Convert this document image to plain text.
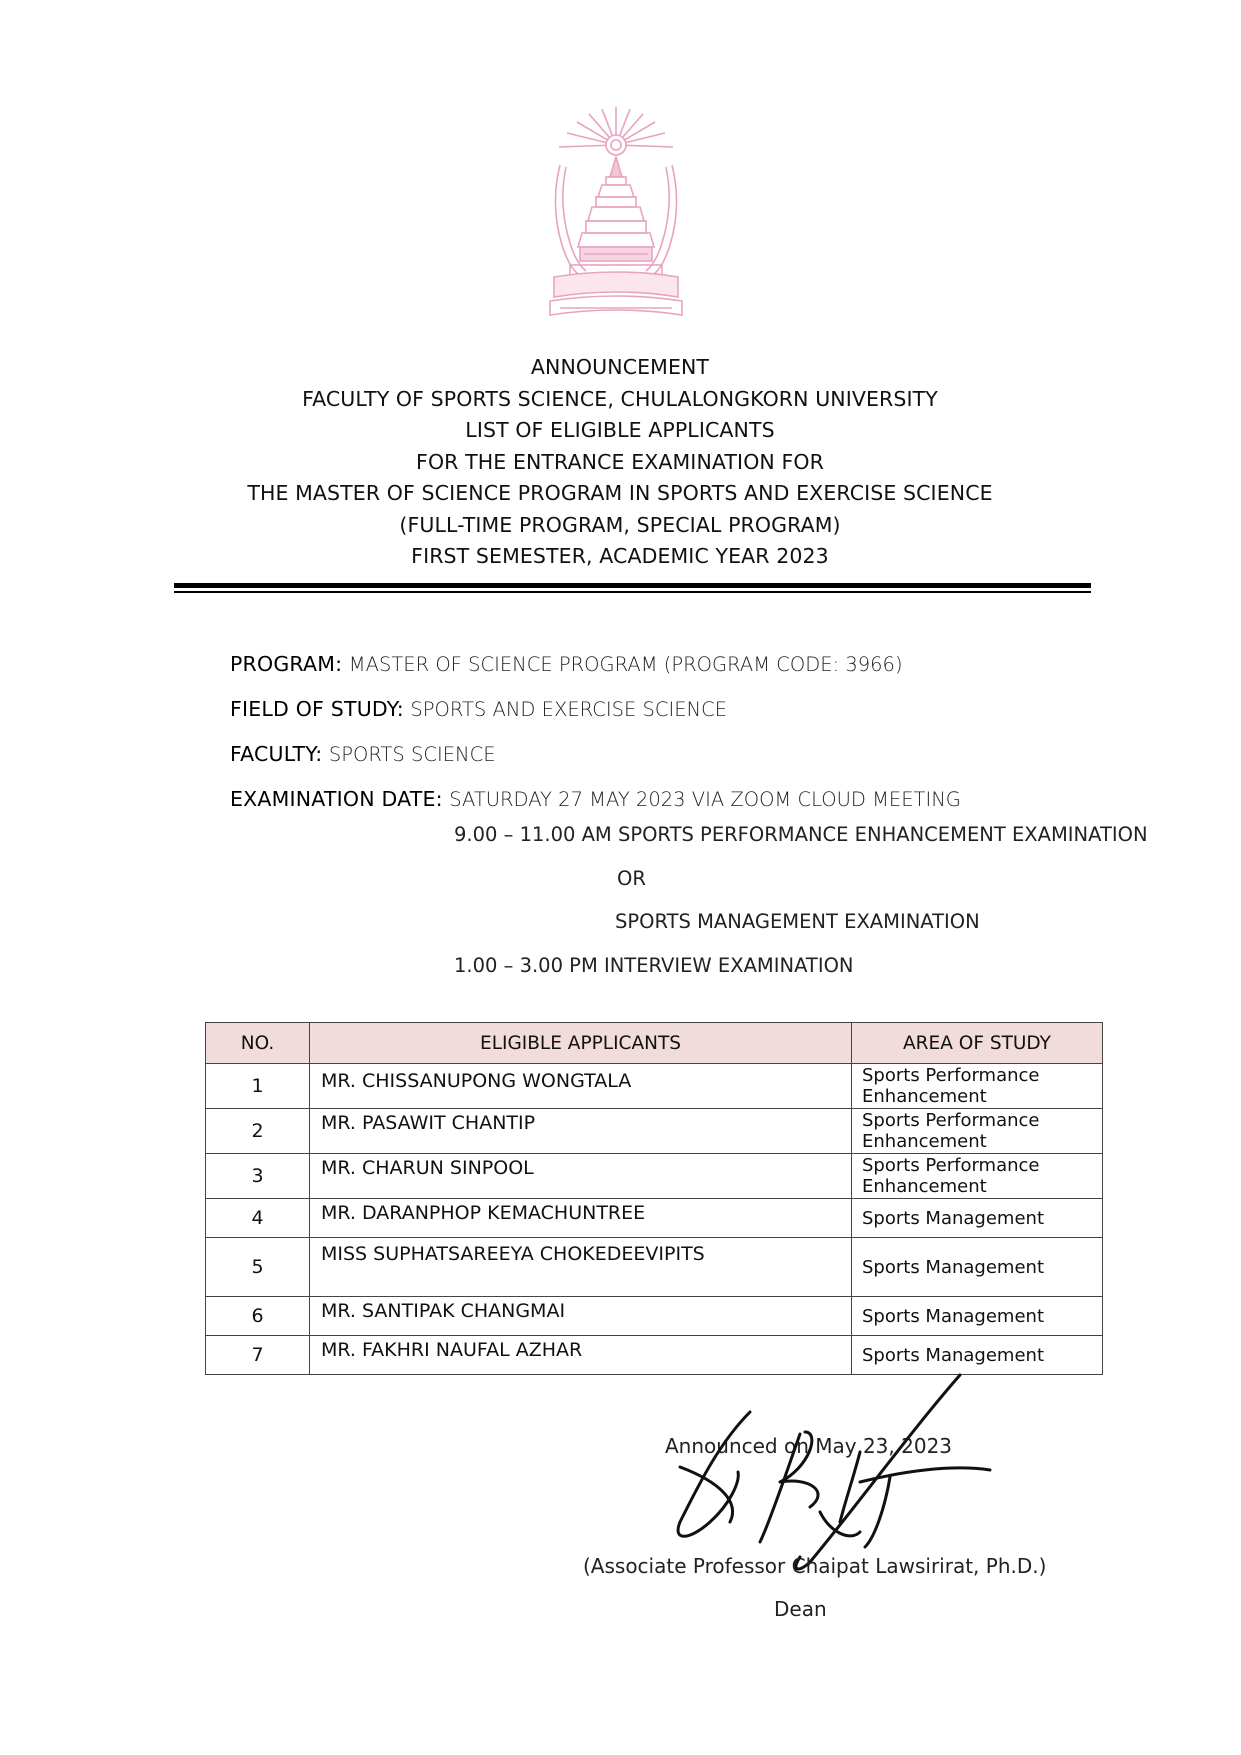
ANNOUNCEMENT
FACULTY OF SPORTS SCIENCE, CHULALONGKORN UNIVERSITY
LIST OF ELIGIBLE APPLICANTS
FOR THE ENTRANCE EXAMINATION FOR
THE MASTER OF SCIENCE PROGRAM IN SPORTS AND EXERCISE SCIENCE
(FULL-TIME PROGRAM, SPECIAL PROGRAM)
FIRST SEMESTER, ACADEMIC YEAR 2023
PROGRAM: MASTER OF SCIENCE PROGRAM (PROGRAM CODE: 3966)
FIELD OF STUDY: SPORTS AND EXERCISE SCIENCE
FACULTY: SPORTS SCIENCE
EXAMINATION DATE: SATURDAY 27 MAY 2023 VIA ZOOM CLOUD MEETING
9.00 – 11.00 AM SPORTS PERFORMANCE ENHANCEMENT EXAMINATION
OR
SPORTS MANAGEMENT EXAMINATION
1.00 – 3.00 PM INTERVIEW EXAMINATION
NO.	ELIGIBLE APPLICANTS	AREA OF STUDY
1	MR. CHISSANUPONG WONGTALA	Sports Performance Enhancement
2	MR. PASAWIT CHANTIP	Sports Performance Enhancement
3	MR. CHARUN SINPOOL	Sports Performance Enhancement
4	MR. DARANPHOP KEMACHUNTREE	Sports Management
5	MISS SUPHATSAREEYA CHOKEDEEVIPITS	Sports Management
6	MR. SANTIPAK CHANGMAI	Sports Management
7	MR. FAKHRI NAUFAL AZHAR	Sports Management
Announced on May 23, 2023
(Associate Professor Chaipat Lawsirirat, Ph.D.)
Dean
